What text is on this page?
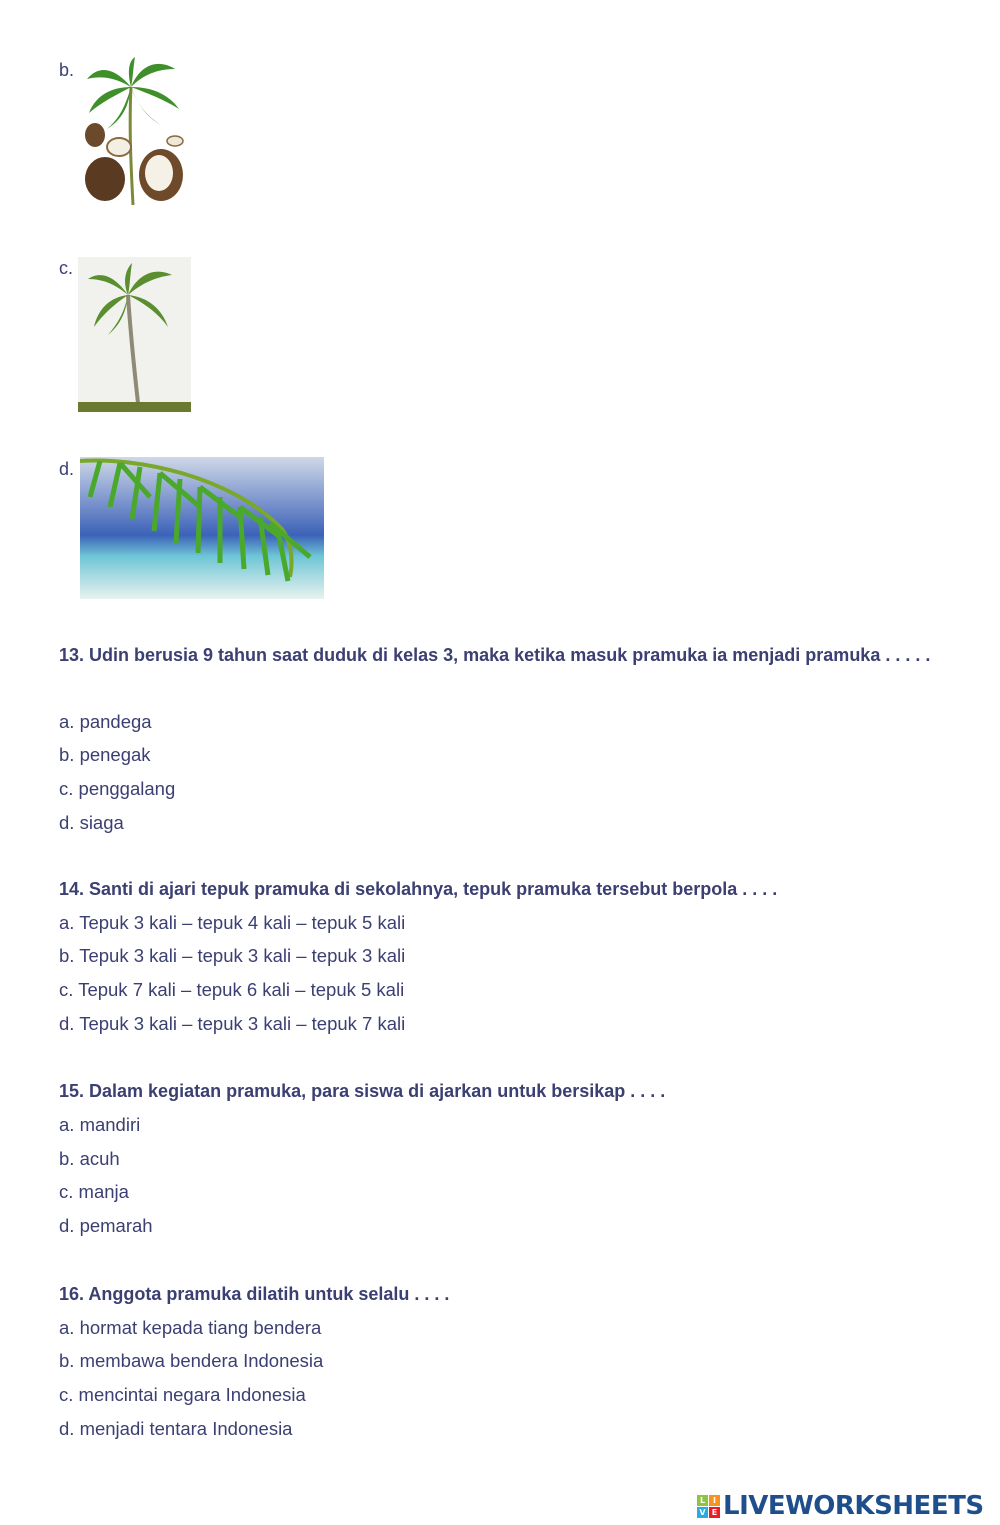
b.
c.
d.
13. Udin berusia 9 tahun saat duduk di kelas 3, maka ketika masuk pramuka ia menjadi pramuka . . . . .
a. pandega
b. penegak
c. penggalang
d. siaga
14. Santi di ajari tepuk pramuka di sekolahnya, tepuk pramuka tersebut berpola . . . .
a. Tepuk 3 kali – tepuk 4 kali – tepuk 5 kali
b. Tepuk 3 kali – tepuk 3 kali – tepuk 3 kali
c. Tepuk 7 kali – tepuk 6 kali – tepuk 5 kali
d. Tepuk 3 kali – tepuk 3 kali – tepuk 7 kali
15. Dalam kegiatan pramuka, para siswa di ajarkan untuk bersikap . . . .
a. mandiri
b. acuh
c. manja
d. pemarah
16. Anggota pramuka dilatih untuk selalu . . . .
a. hormat kepada tiang bendera
b. membawa bendera Indonesia
c. mencintai negara Indonesia
d. menjadi tentara Indonesia
L I
V E LIVEWORKSHEETS
